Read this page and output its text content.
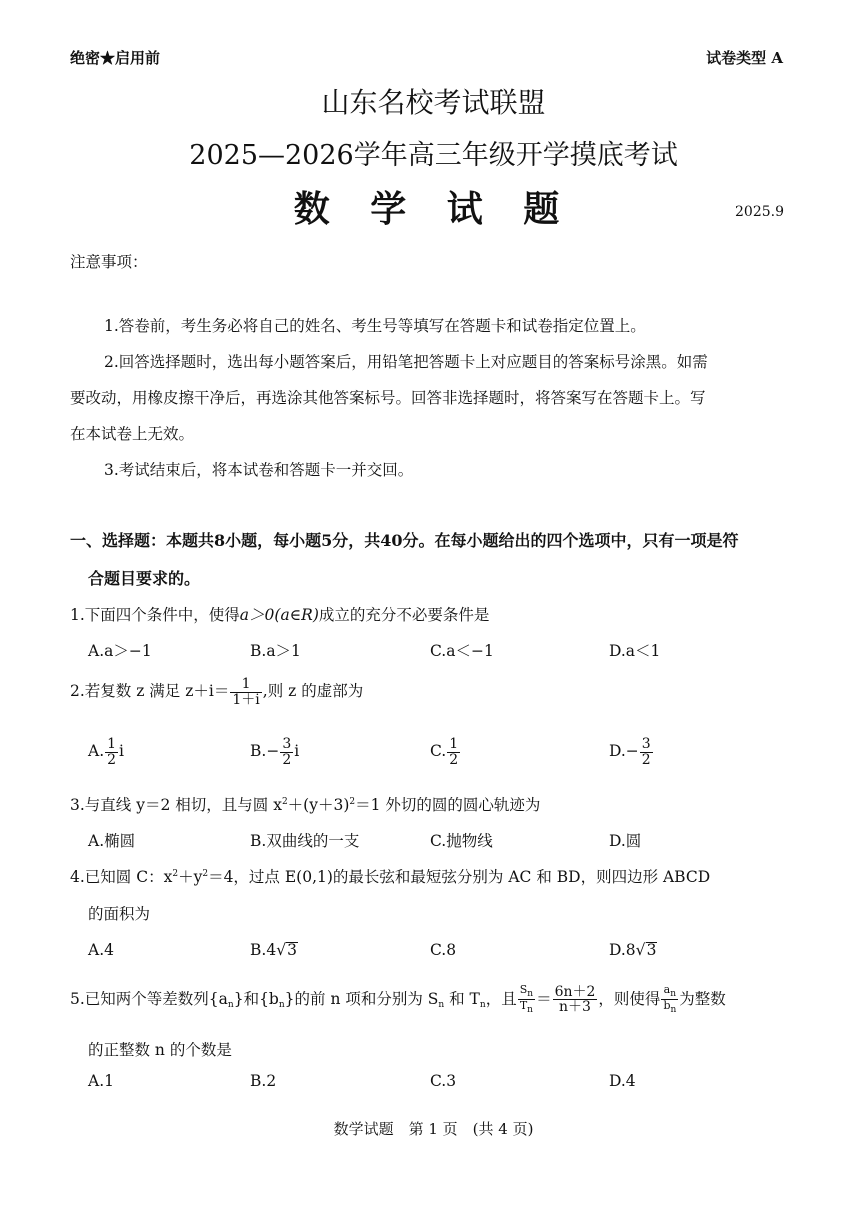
绝密★启用前	试卷类型 A
山东名校考试联盟
2025—2026学年高三年级开学摸底考试
数 学 试 题	2025.9
注意事项：
1.答卷前，考生务必将自己的姓名、考生号等填写在答题卡和试卷指定位置上。
2.回答选择题时，选出每小题答案后，用铅笔把答题卡上对应题目的答案标号涂黑。如需
要改动，用橡皮擦干净后，再选涂其他答案标号。回答非选择题时，将答案写在答题卡上。写
在本试卷上无效。
3.考试结束后，将本试卷和答题卡一并交回。
一、选择题：本题共8小题，每小题5分，共40分。在每小题给出的四个选项中，只有一项是符
合题目要求的。
1.下面四个条件中，使得a＞0(a∈R)成立的充分不必要条件是
A.a＞−1	B.a＞1	C.a＜−1	D.a＜1
2.若复数 z 满足 $z+i= \frac{1}{1+i}$ ,则 z 的虚部为
A. $\frac{1}{2}$ i	$B.- \frac{3}{2}$ i	C. $\frac{1}{2}$	$D.- \frac{3}{2}$
3.与直线 y＝2 相切，且与圆 $x^2+(y+3)^2=1$ 外切的圆的圆心轨迹为
A.椭圆	B.双曲线的一支	C.抛物线	D.圆
4.已知圆 C：$x^2+y^2=4$，过点 E(0,1)的最长弦和最短弦分别为 AC 和 BD，则四边形 ABCD
的面积为
A.4	B.4√3	C.8	D.8√3
5.已知两个等差数列$\{a_n\}$和$\{b_n\}$的前 n 项和分别为 $S_n$ 和 $T_n$，且 $\frac{S_n}{T_n} = \frac{6n+2}{n+3}$ ，则使得 $\frac{a_n}{b_n}$ 为整数
的正整数 n 的个数是
A.1	B.2	C.3	D.4
数学试题　第 1 页　(共 4 页)
